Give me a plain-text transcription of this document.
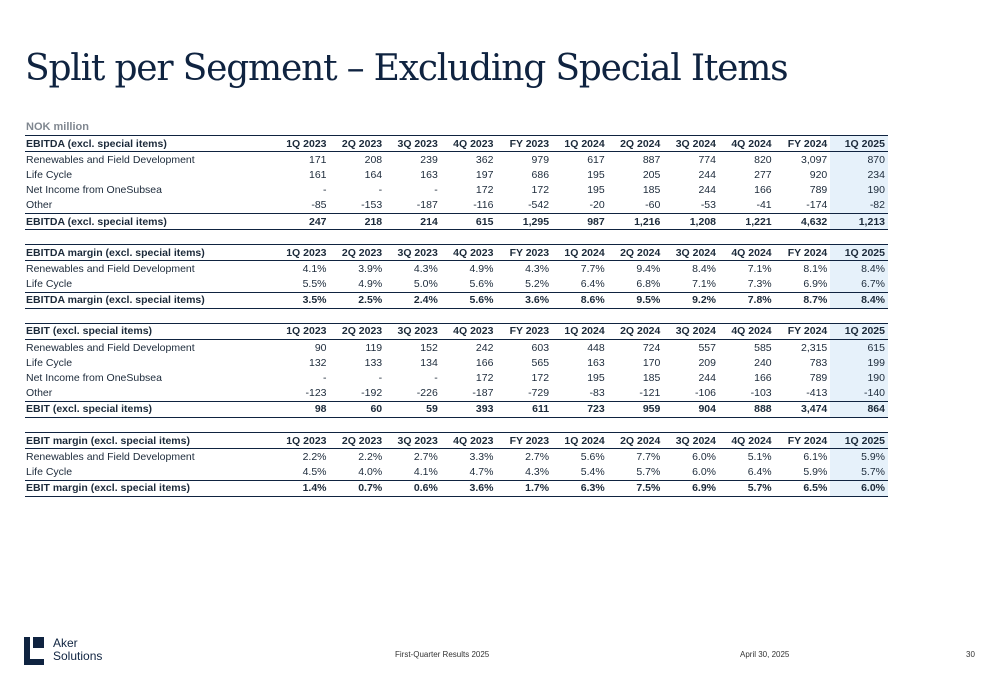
Split per Segment – Excluding Special Items
NOK million
EBITDA (excl. special items)	1Q 2023	2Q 2023	3Q 2023	4Q 2023	FY 2023	1Q 2024	2Q 2024	3Q 2024	4Q 2024	FY 2024	1Q 2025
Renewables and Field Development	171	208	239	362	979	617	887	774	820	3,097	870
Life Cycle	161	164	163	197	686	195	205	244	277	920	234
Net Income from OneSubsea	-	-	-	172	172	195	185	244	166	789	190
Other	-85	-153	-187	-116	-542	-20	-60	-53	-41	-174	-82
EBITDA (excl. special items)	247	218	214	615	1,295	987	1,216	1,208	1,221	4,632	1,213
EBITDA margin (excl. special items)	1Q 2023	2Q 2023	3Q 2023	4Q 2023	FY 2023	1Q 2024	2Q 2024	3Q 2024	4Q 2024	FY 2024	1Q 2025
Renewables and Field Development	4.1%	3.9%	4.3%	4.9%	4.3%	7.7%	9.4%	8.4%	7.1%	8.1%	8.4%
Life Cycle	5.5%	4.9%	5.0%	5.6%	5.2%	6.4%	6.8%	7.1%	7.3%	6.9%	6.7%
EBITDA margin (excl. special items)	3.5%	2.5%	2.4%	5.6%	3.6%	8.6%	9.5%	9.2%	7.8%	8.7%	8.4%
EBIT (excl. special items)	1Q 2023	2Q 2023	3Q 2023	4Q 2023	FY 2023	1Q 2024	2Q 2024	3Q 2024	4Q 2024	FY 2024	1Q 2025
Renewables and Field Development	90	119	152	242	603	448	724	557	585	2,315	615
Life Cycle	132	133	134	166	565	163	170	209	240	783	199
Net Income from OneSubsea	-	-	-	172	172	195	185	244	166	789	190
Other	-123	-192	-226	-187	-729	-83	-121	-106	-103	-413	-140
EBIT (excl. special items)	98	60	59	393	611	723	959	904	888	3,474	864
EBIT margin (excl. special items)	1Q 2023	2Q 2023	3Q 2023	4Q 2023	FY 2023	1Q 2024	2Q 2024	3Q 2024	4Q 2024	FY 2024	1Q 2025
Renewables and Field Development	2.2%	2.2%	2.7%	3.3%	2.7%	5.6%	7.7%	6.0%	5.1%	6.1%	5.9%
Life Cycle	4.5%	4.0%	4.1%	4.7%	4.3%	5.4%	5.7%	6.0%	6.4%	5.9%	5.7%
EBIT margin (excl. special items)	1.4%	0.7%	0.6%	3.6%	1.7%	6.3%	7.5%	6.9%	5.7%	6.5%	6.0%
Aker
Solutions	First-Quarter Results 2025	April 30, 2025	30
